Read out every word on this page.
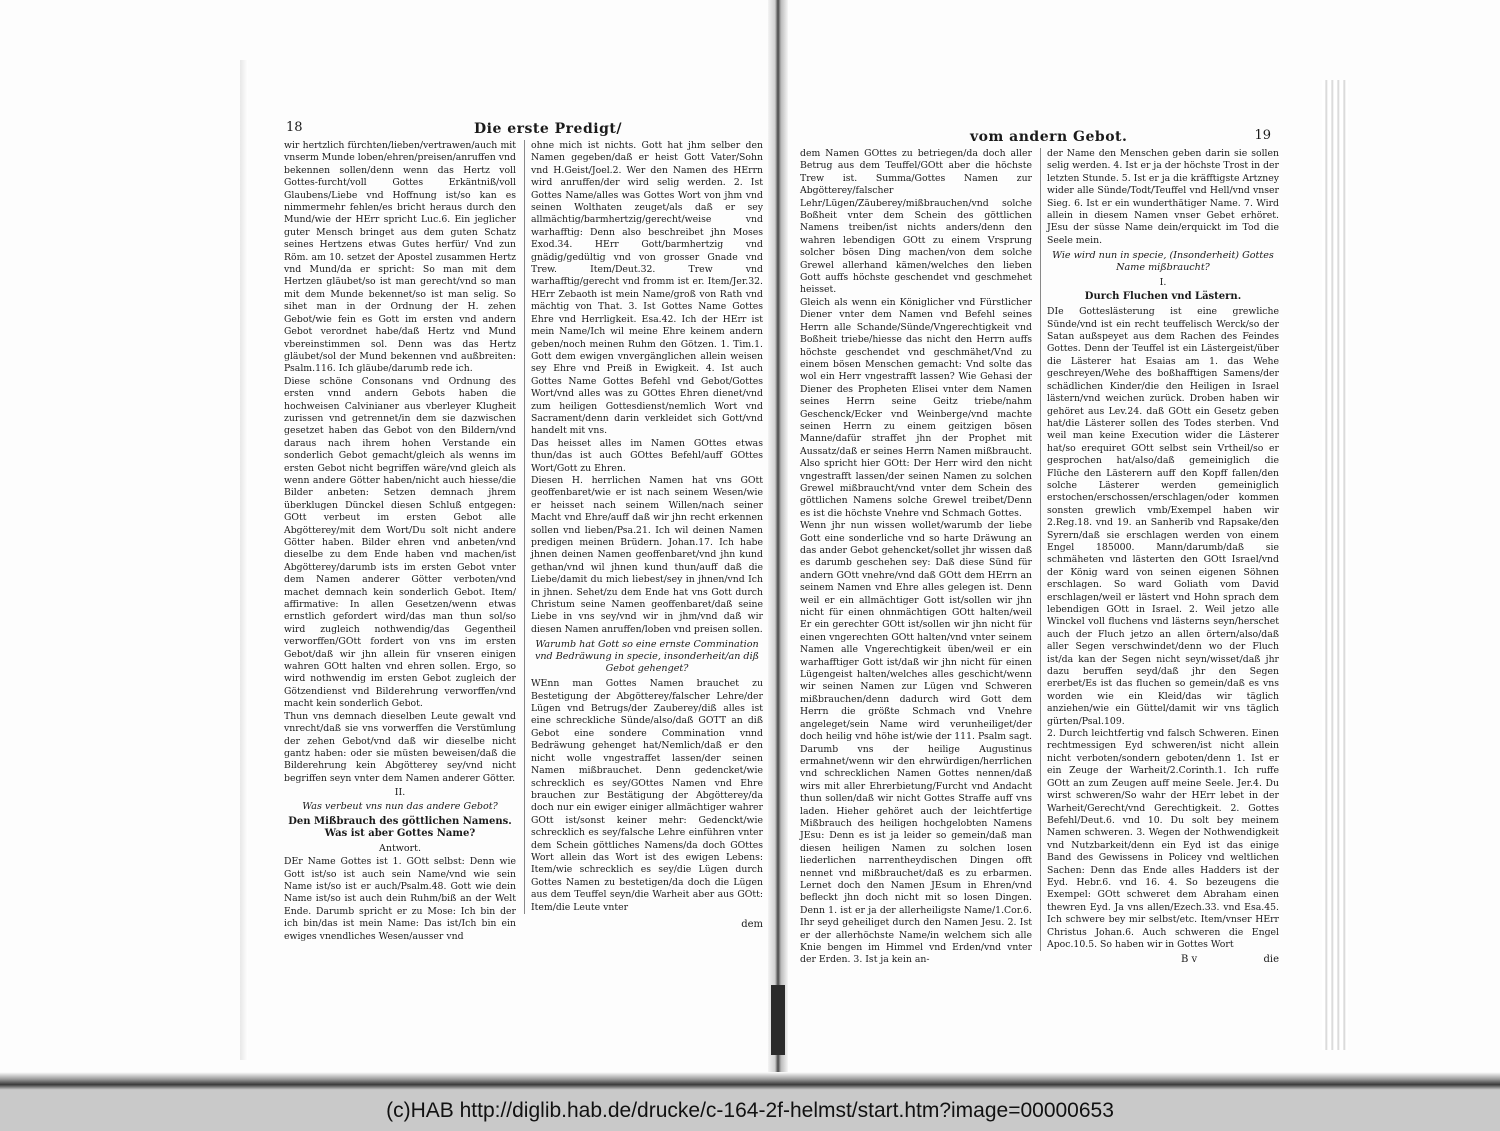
18	Die erste Predigt/

wir hertzlich fürchten/lieben/vertrawen/auch mit vnserm Munde loben/ehren/preisen/anruffen vnd bekennen sollen/denn wenn das Hertz voll Gottes-furcht/voll Gottes Erkäntniß/voll Glaubens/Liebe vnd Hoffnung ist/so kan es nimmermehr fehlen/es bricht heraus durch den Mund/wie der HErr spricht Luc.6. Ein jeglicher guter Mensch bringet aus dem guten Schatz seines Hertzens etwas Gutes herfür/ Vnd zun Röm. am 10. setzet der Apostel zusammen Hertz vnd Mund/da er spricht: So man mit dem Hertzen gläubet/so ist man gerecht/vnd so man mit dem Munde bekennet/so ist man selig. So sihet man in der Ordnung der H. zehen Gebot/wie fein es Gott im ersten vnd andern Gebot verordnet habe/daß Hertz vnd Mund vbereinstimmen sol. Denn was das Hertz gläubet/sol der Mund bekennen vnd außbreiten: Psalm.116. Ich gläube/darumb rede ich.

Diese schöne Consonans vnd Ordnung des ersten vnnd andern Gebots haben die hochweisen Calvinianer aus vberleyer Klugheit zurissen vnd getrennet/in dem sie dazwischen gesetzet haben das Gebot von den Bildern/vnd daraus nach ihrem hohen Verstande ein sonderlich Gebot gemacht/gleich als wenns im ersten Gebot nicht begriffen wäre/vnd gleich als wenn andere Götter haben/nicht auch hiesse/die Bilder anbeten: Setzen demnach jhrem überklugen Dünckel diesen Schluß entgegen: GOtt verbeut im ersten Gebot alle Abgötterey/mit dem Wort/Du solt nicht andere Götter haben. Bilder ehren vnd anbeten/vnd dieselbe zu dem Ende haben vnd machen/ist Abgötterey/darumb ists im ersten Gebot vnter dem Namen anderer Götter verboten/vnd machet demnach kein sonderlich Gebot. Item/ affirmative: In allen Gesetzen/wenn etwas ernstlich gefordert wird/das man thun sol/so wird zugleich nothwendig/das Gegentheil verworffen/GOtt fordert von vns im ersten Gebot/daß wir jhn allein für vnseren einigen wahren GOtt halten vnd ehren sollen. Ergo, so wird nothwendig im ersten Gebot zugleich der Götzendienst vnd Bilderehrung verworffen/vnd macht kein sonderlich Gebot.

Thun vns demnach dieselben Leute gewalt vnd vnrecht/daß sie vns vorwerffen die Verstümlung der zehen Gebot/vnd daß wir dieselbe nicht gantz haben: oder sie müsten beweisen/daß die Bilderehrung kein Abgötterey sey/vnd nicht begriffen seyn vnter dem Namen anderer Götter.

II.
Was verbeut vns nun das andere Gebot?
Den Mißbrauch des göttlichen Namens. Was ist aber Gottes Name?
Antwort.

DEr Name Gottes ist 1. GOtt selbst: Denn wie Gott ist/so ist auch sein Name/vnd wie sein Name ist/so ist er auch/Psalm.48. Gott wie dein Name ist/so ist auch dein Ruhm/biß an der Welt Ende. Darumb spricht er zu Mose: Ich bin der ich bin/das ist mein Name: Das ist/Ich bin ein ewiges vnendliches Wesen/ausser vnd

ohne mich ist nichts. Gott hat jhm selber den Namen gegeben/daß er heist Gott Vater/Sohn vnd H.Geist/Joel.2. Wer den Namen des HErrn wird anruffen/der wird selig werden. 2. Ist Gottes Name/alles was Gottes Wort von jhm vnd seinen Wolthaten zeuget/als daß er sey allmächtig/barmhertzig/gerecht/weise vnd warhafftig: Denn also beschreibet jhn Moses Exod.34. HErr Gott/barmhertzig vnd gnädig/gedültig vnd von grosser Gnade vnd Trew. Item/Deut.32. Trew vnd warhafftig/gerecht vnd fromm ist er. Item/Jer.32. HErr Zebaoth ist mein Name/groß von Rath vnd mächtig von That. 3. Ist Gottes Name Gottes Ehre vnd Herrligkeit. Esa.42. Ich der HErr ist mein Name/Ich wil meine Ehre keinem andern geben/noch meinen Ruhm den Götzen. 1. Tim.1. Gott dem ewigen vnvergänglichen allein weisen sey Ehre vnd Preiß in Ewigkeit. 4. Ist auch Gottes Name Gottes Befehl vnd Gebot/Gottes Wort/vnd alles was zu GOttes Ehren dienet/vnd zum heiligen Gottesdienst/nemlich Wort vnd Sacrament/denn darin verkleidet sich Gott/vnd handelt mit vns.

Das heisset alles im Namen GOttes etwas thun/das ist auch GOttes Befehl/auff GOttes Wort/Gott zu Ehren.

Diesen H. herrlichen Namen hat vns GOtt geoffenbaret/wie er ist nach seinem Wesen/wie er heisset nach seinem Willen/nach seiner Macht vnd Ehre/auff daß wir jhn recht erkennen sollen vnd lieben/Psa.21. Ich wil deinen Namen predigen meinen Brüdern. Johan.17. Ich habe jhnen deinen Namen geoffenbaret/vnd jhn kund gethan/vnd wil jhnen kund thun/auff daß die Liebe/damit du mich liebest/sey in jhnen/vnd Ich in jhnen. Sehet/zu dem Ende hat vns Gott durch Christum seine Namen geoffenbaret/daß seine Liebe in vns sey/vnd wir in jhm/vnd daß wir diesen Namen anruffen/loben vnd preisen sollen.

Warumb hat Gott so eine ernste Commination vnd Bedräwung in specie, insonderheit/an diß Gebot gehenget?

WEnn man Gottes Namen brauchet zu Bestetigung der Abgötterey/falscher Lehre/der Lügen vnd Betrugs/der Zauberey/diß alles ist eine schreckliche Sünde/also/daß GOTT an diß Gebot eine sondere Commination vnnd Bedräwung gehenget hat/Nemlich/daß er den nicht wolle vngestraffet lassen/der seinen Namen mißbrauchet. Denn gedencket/wie schrecklich es sey/GOttes Namen vnd Ehre brauchen zur Bestätigung der Abgötterey/da doch nur ein ewiger einiger allmächtiger wahrer GOtt ist/sonst keiner mehr: Gedenckt/wie schrecklich es sey/falsche Lehre einführen vnter dem Schein göttliches Namens/da doch GOttes Wort allein das Wort ist des ewigen Lebens: Item/wie schrecklich es sey/die Lügen durch Gottes Namen zu bestetigen/da doch die Lügen aus dem Teuffel seyn/die Warheit aber aus GOtt: Item/die Leute vnter

dem
vom andern Gebot.	19

dem Namen GOttes zu betriegen/da doch aller Betrug aus dem Teuffel/GOtt aber die höchste Trew ist. Summa/Gottes Namen zur Abgötterey/falscher Lehr/Lügen/Zäuberey/mißbrauchen/vnd solche Boßheit vnter dem Schein des göttlichen Namens treiben/ist nichts anders/denn den wahren lebendigen GOtt zu einem Vrsprung solcher bösen Ding machen/von dem solche Grewel allerhand kämen/welches den lieben Gott auffs höchste geschendet vnd geschmehet heisset.

Gleich als wenn ein Königlicher vnd Fürstlicher Diener vnter dem Namen vnd Befehl seines Herrn alle Schande/Sünde/Vngerechtigkeit vnd Boßheit triebe/hiesse das nicht den Herrn auffs höchste geschendet vnd geschmähet/Vnd zu einem bösen Menschen gemacht: Vnd solte das wol ein Herr vngestrafft lassen? Wie Gehasi der Diener des Propheten Elisei vnter dem Namen seines Herrn seine Geitz triebe/nahm Geschenck/Ecker vnd Weinberge/vnd machte seinen Herrn zu einem geitzigen bösen Manne/dafür straffet jhn der Prophet mit Aussatz/daß er seines Herrn Namen mißbraucht. Also spricht hier GOtt: Der Herr wird den nicht vngestrafft lassen/der seinen Namen zu solchen Grewel mißbraucht/vnd vnter dem Schein des göttlichen Namens solche Grewel treibet/Denn es ist die höchste Vnehre vnd Schmach Gottes.

Wenn jhr nun wissen wollet/warumb der liebe Gott eine sonderliche vnd so harte Dräwung an das ander Gebot gehencket/sollet jhr wissen daß es darumb geschehen sey: Daß diese Sünd für andern GOtt vnehre/vnd daß GOtt dem HErrn an seinem Namen vnd Ehre alles gelegen ist. Denn weil er ein allmächtiger Gott ist/sollen wir jhn nicht für einen ohnmächtigen GOtt halten/weil Er ein gerechter GOtt ist/sollen wir jhn nicht für einen vngerechten GOtt halten/vnd vnter seinem Namen alle Vngerechtigkeit üben/weil er ein warhafftiger Gott ist/daß wir jhn nicht für einen Lügengeist halten/welches alles geschicht/wenn wir seinen Namen zur Lügen vnd Schweren mißbrauchen/denn dadurch wird Gott dem Herrn die größte Schmach vnd Vnehre angeleget/sein Name wird verunheiliget/der doch heilig vnd höhe ist/wie der 111. Psalm sagt. Darumb vns der heilige Augustinus ermahnet/wenn wir den ehrwürdigen/herrlichen vnd schrecklichen Namen Gottes nennen/daß wirs mit aller Ehrerbietung/Furcht vnd Andacht thun sollen/daß wir nicht Gottes Straffe auff vns laden. Hieher gehöret auch der leichtfertige Mißbrauch des heiligen hochgelobten Namens JEsu: Denn es ist ja leider so gemein/daß man diesen heiligen Namen zu solchen losen liederlichen narrentheydischen Dingen offt nennet vnd mißbrauchet/daß es zu erbarmen. Lernet doch den Namen JEsum in Ehren/vnd befleckt jhn doch nicht mit so losen Dingen. Denn 1. ist er ja der allerheiligste Name/1.Cor.6. Ihr seyd geheiliget durch den Namen Jesu. 2. Ist er der allerhöchste Name/in welchem sich alle Knie bengen im Himmel vnd Erden/vnd vnter der Erden. 3. Ist ja kein an-

der Name den Menschen geben darin sie sollen selig werden. 4. Ist er ja der höchste Trost in der letzten Stunde. 5. Ist er ja die kräfftigste Artzney wider alle Sünde/Todt/Teuffel vnd Hell/vnd vnser Sieg. 6. Ist er ein wunderthätiger Name. 7. Wird allein in diesem Namen vnser Gebet erhöret. JEsu der süsse Name dein/erquickt im Tod die Seele mein.

Wie wird nun in specie, (Insonderheit) Gottes Name mißbraucht?
I.
Durch Fluchen vnd Lästern.

DIe Gotteslästerung ist eine grewliche Sünde/vnd ist ein recht teuffelisch Werck/so der Satan außspeyet aus dem Rachen des Feindes Gottes. Denn der Teuffel ist ein Lästergeist/über die Lästerer hat Esaias am 1. das Wehe geschreyen/Wehe des boßhafftigen Samens/der schädlichen Kinder/die den Heiligen in Israel lästern/vnd weichen zurück. Droben haben wir gehöret aus Lev.24. daß GOtt ein Gesetz geben hat/die Lästerer sollen des Todes sterben. Vnd weil man keine Execution wider die Lästerer hat/so erequiret GOtt selbst sein Vrtheil/so er gesprochen hat/also/daß gemeiniglich die Flüche den Lästerern auff den Kopff fallen/den solche Lästerer werden gemeiniglich erstochen/erschossen/erschlagen/oder kommen sonsten grewlich vmb/Exempel haben wir 2.Reg.18. vnd 19. an Sanherib vnd Rapsake/den Syrern/daß sie erschlagen werden von einem Engel 185000. Mann/darumb/daß sie schmäheten vnd lästerten den GOtt Israel/vnd der König ward von seinen eigenen Söhnen erschlagen. So ward Goliath vom David erschlagen/weil er lästert vnd Hohn sprach dem lebendigen GOtt in Israel. 2. Weil jetzo alle Winckel voll fluchens vnd lästerns seyn/herschet auch der Fluch jetzo an allen örtern/also/daß aller Segen verschwindet/denn wo der Fluch ist/da kan der Segen nicht seyn/wisset/daß jhr dazu beruffen seyd/daß jhr den Segen ererbet/Es ist das fluchen so gemein/daß es vns worden wie ein Kleid/das wir täglich anziehen/wie ein Güttel/damit wir vns täglich gürten/Psal.109.

2. Durch leichtfertig vnd falsch Schweren. Einen rechtmessigen Eyd schweren/ist nicht allein nicht verboten/sondern geboten/denn 1. Ist er ein Zeuge der Warheit/2.Corinth.1. Ich ruffe GOtt an zum Zeugen auff meine Seele. Jer.4. Du wirst schweren/So wahr der HErr lebet in der Warheit/Gerecht/vnd Gerechtigkeit. 2. Gottes Befehl/Deut.6. vnd 10. Du solt bey meinem Namen schweren. 3. Wegen der Nothwendigkeit vnd Nutzbarkeit/denn ein Eyd ist das einige Band des Gewissens in Policey vnd weltlichen Sachen: Denn das Ende alles Hadders ist der Eyd. Hebr.6. vnd 16. 4. So bezeugens die Exempel: GOtt schweret dem Abraham einen thewren Eyd. Ja vns allen/Ezech.33. vnd Esa.45. Ich schwere bey mir selbst/etc. Item/vnser HErr Christus Johan.6. Auch schweren die Engel Apoc.10.5. So haben wir in Gottes Wort

B v	die
(c)HAB http://diglib.hab.de/drucke/c-164-2f-helmst/start.htm?image=00000653
